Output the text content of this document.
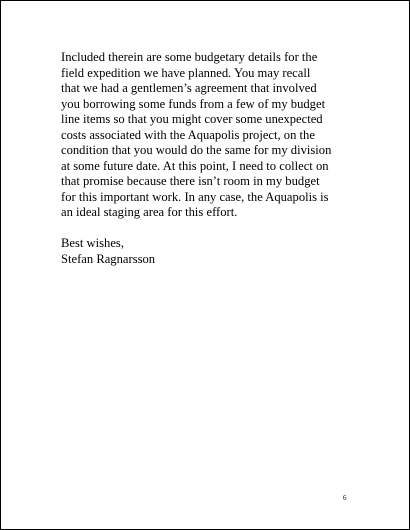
Included therein are some budgetary details for the
field expedition we have planned. You may recall
that we had a gentlemen’s agreement that involved
you borrowing some funds from a few of my budget
line items so that you might cover some unexpected
costs associated with the Aquapolis project, on the
condition that you would do the same for my division
at some future date. At this point, I need to collect on
that promise because there isn’t room in my budget
for this important work. In any case, the Aquapolis is
an ideal staging area for this effort.
Best wishes,
Stefan Ragnarsson
6
